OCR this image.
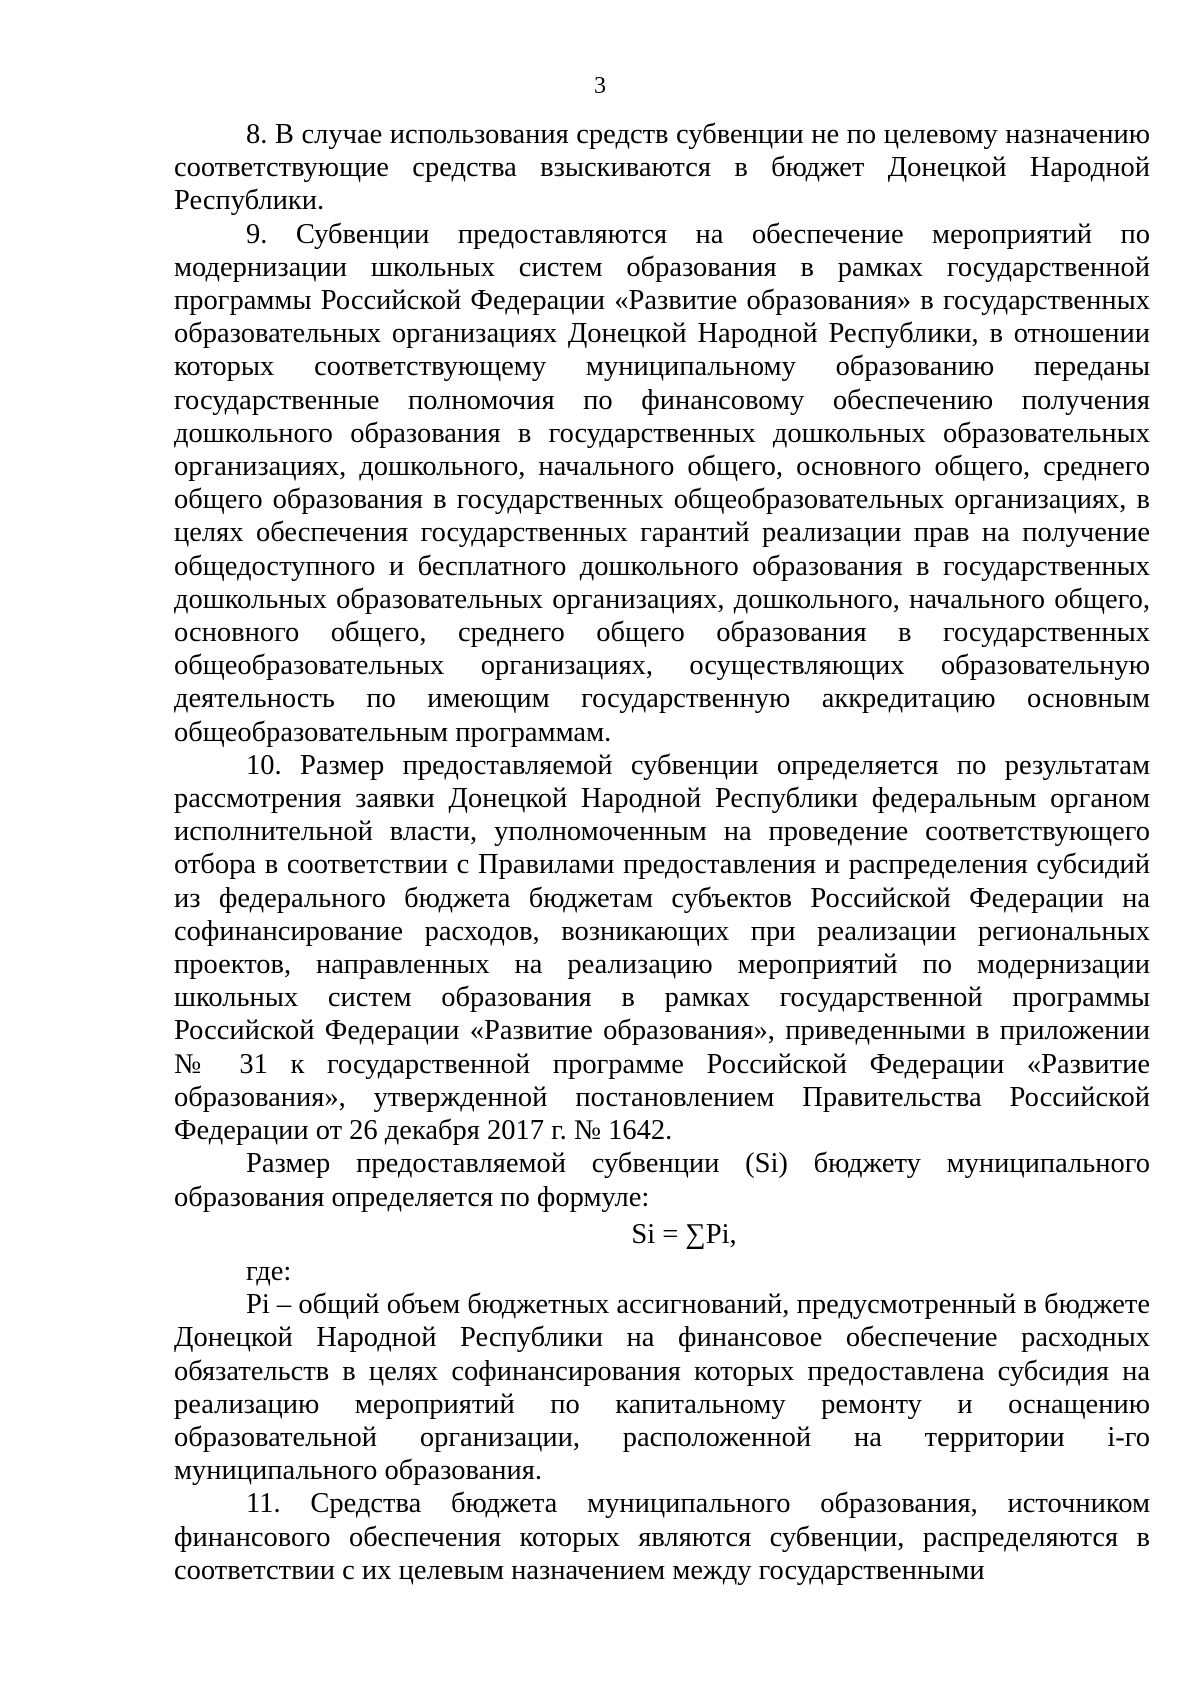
3

8. В случае использования средств субвенции не по целевому назначению соответствующие средства взыскиваются в бюджет Донецкой Народной Республики.

9. Субвенции предоставляются на обеспечение мероприятий по модернизации школьных систем образования в рамках государственной программы Российской Федерации «Развитие образования» в государственных образовательных организациях Донецкой Народной Республики, в отношении которых соответствующему муниципальному образованию переданы государственные полномочия по финансовому обеспечению получения дошкольного образования в государственных дошкольных образовательных организациях, дошкольного, начального общего, основного общего, среднего общего образования в государственных общеобразовательных организациях, в целях обеспечения государственных гарантий реализации прав на получение общедоступного и бесплатного дошкольного образования в государственных дошкольных образовательных организациях, дошкольного, начального общего, основного общего, среднего общего образования в государственных общеобразовательных организациях, осуществляющих образовательную деятельность по имеющим государственную аккредитацию основным общеобразовательным программам.

10. Размер предоставляемой субвенции определяется по результатам рассмотрения заявки Донецкой Народной Республики федеральным органом исполнительной власти, уполномоченным на проведение соответствующего отбора в соответствии с Правилами предоставления и распределения субсидий из федерального бюджета бюджетам субъектов Российской Федерации на софинансирование расходов, возникающих при реализации региональных проектов, направленных на реализацию мероприятий по модернизации школьных систем образования в рамках государственной программы Российской Федерации «Развитие образования», приведенными в приложении № 31 к государственной программе Российской Федерации «Развитие образования», утвержденной постановлением Правительства Российской Федерации от 26 декабря 2017 г. № 1642.

Размер предоставляемой субвенции (Si) бюджету муниципального образования определяется по формуле:

Si = ∑Pi,

где:

Pi – общий объем бюджетных ассигнований, предусмотренный в бюджете Донецкой Народной Республики на финансовое обеспечение расходных обязательств в целях софинансирования которых предоставлена субсидия на реализацию мероприятий по капитальному ремонту и оснащению образовательной организации, расположенной на территории i-го муниципального образования.

11. Средства бюджета муниципального образования, источником финансового обеспечения которых являются субвенции, распределяются в соответствии с их целевым назначением между государственными
